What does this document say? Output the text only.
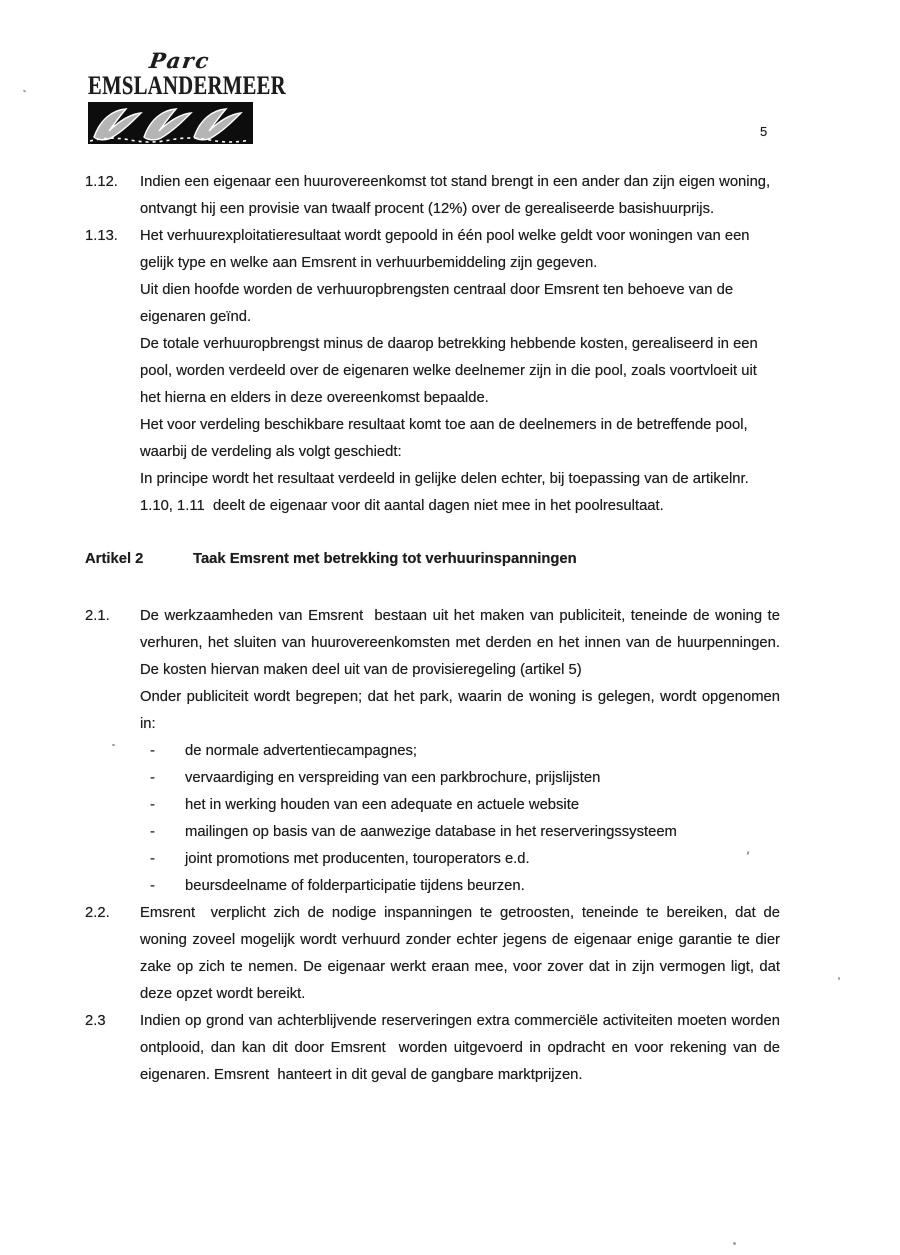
Parc
EMSLANDERMEER
5
1.12.	Indien een eigenaar een huurovereenkomst tot stand brengt in een ander dan zijn eigen woning, ontvangt hij een provisie van twaalf procent (12%) over de gerealiseerde basishuurprijs.

1.13.	Het verhuurexploitatieresultaat wordt gepoold in één pool welke geldt voor woningen van een gelijk type en welke aan Emsrent in verhuurbemiddeling zijn gegeven.

Uit dien hoofde worden de verhuuropbrengsten centraal door Emsrent ten behoeve van de eigenaren geïnd.

De totale verhuuropbrengst minus de daarop betrekking hebbende kosten, gerealiseerd in een pool, worden verdeeld over de eigenaren welke deelnemer zijn in die pool, zoals voortvloeit uit het hierna en elders in deze overeenkomst bepaalde.

Het voor verdeling beschikbare resultaat komt toe aan de deelnemers in de betreffende pool, waarbij de verdeling als volgt geschiedt:

In principe wordt het resultaat verdeeld in gelijke delen echter, bij toepassing van de artikelnr. 1.10, 1.11  deelt de eigenaar voor dit aantal dagen niet mee in het poolresultaat.

Artikel 2	Taak Emsrent met betrekking tot verhuurinspanningen
2.1.	De werkzaamheden van Emsrent  bestaan uit het maken van publiciteit, teneinde de woning te verhuren, het sluiten van huurovereenkomsten met derden en het innen van de huurpenningen. De kosten hiervan maken deel uit van de provisieregeling (artikel 5)

Onder publiciteit wordt begrepen; dat het park, waarin de woning is gelegen, wordt opgenomen in:

-	de normale advertentiecampagnes;
-	vervaardiging en verspreiding van een parkbrochure, prijslijsten
-	het in werking houden van een adequate en actuele website
-	mailingen op basis van de aanwezige database in het reserveringssysteem
-	joint promotions met producenten, touroperators e.d.
-	beursdeelname of folderparticipatie tijdens beurzen.
2.2.	Emsrent  verplicht zich de nodige inspanningen te getroosten, teneinde te bereiken, dat de woning zoveel mogelijk wordt verhuurd zonder echter jegens de eigenaar enige garantie te dier zake op zich te nemen. De eigenaar werkt eraan mee, voor zover dat in zijn vermogen ligt, dat deze opzet wordt bereikt.

2.3	Indien op grond van achterblijvende reserveringen extra commerciële activiteiten moeten worden ontplooid, dan kan dit door Emsrent  worden uitgevoerd in opdracht en voor rekening van de eigenaren. Emsrent  hanteert in dit geval de gangbare marktprijzen.
